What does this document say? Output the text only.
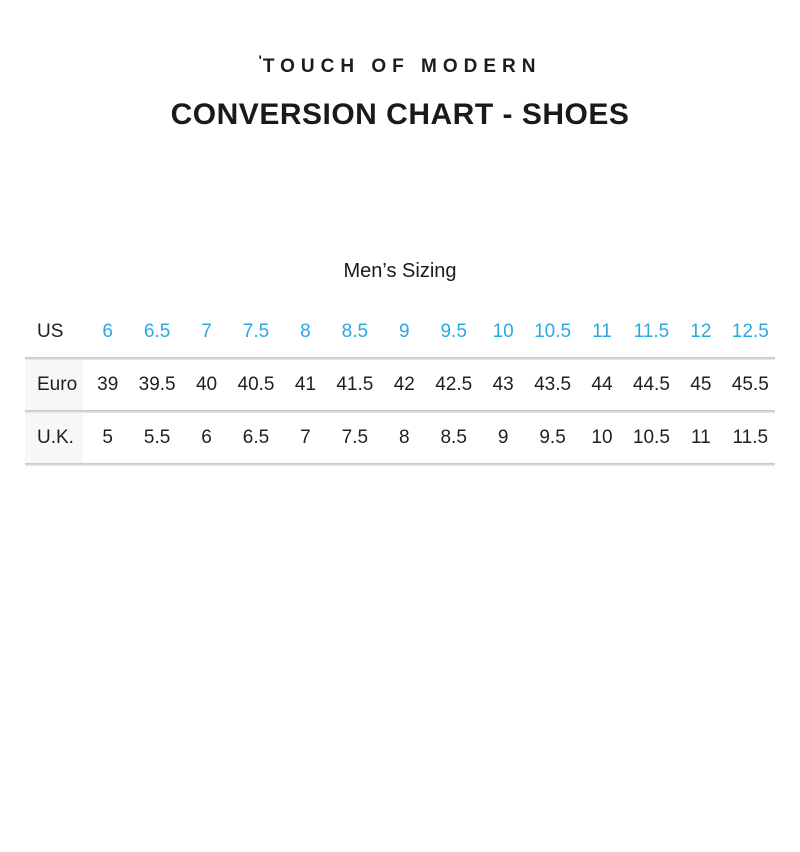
'TOUCH OF MODERN
CONVERSION CHART - SHOES
Men’s Sizing
US	6	6.5	7	7.5	8	8.5	9	9.5	10	10.5	11	11.5	12	12.5
Euro	39	39.5	40	40.5	41	41.5	42	42.5	43	43.5	44	44.5	45	45.5
U.K.	5	5.5	6	6.5	7	7.5	8	8.5	9	9.5	10	10.5	11	11.5
